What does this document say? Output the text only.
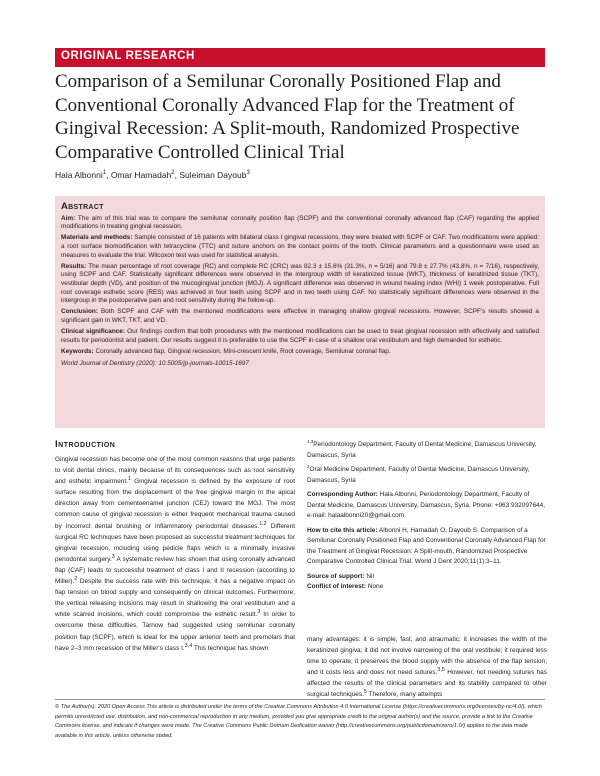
ORIGINAL RESEARCH
Comparison of a Semilunar Coronally Positioned Flap and Conventional Coronally Advanced Flap for the Treatment of Gingival Recession: A Split-mouth, Randomized Prospective Comparative Controlled Clinical Trial
Hala Albonni$^1$, Omar Hamadah$^2$, Suleiman Dayoub$^3$
Abstract

Aim: The aim of this trial was to compare the semilunar coronally position flap (SCPF) and the conventional coronally advanced flap (CAF) regarding the applied modifications in treating gingival recession.

Materials and methods: Sample consisted of 16 patients with bilateral class I gingival recessions, they were treated with SCPF or CAF. Two modifications were applied: a root surface biomodification with tetracycline (TTC) and suture anchors on the contact points of the tooth. Clinical parameters and a questionnaire were used as measures to evaluate the trial. Wilcoxon test was used for statistical analysis.

Results: The mean percentage of root coverage (RC) and complete RC (CRC) was 82.3 ± 15.6% (31.3%, n = 5/16) and 79.8 ± 27.7% (43.8%, n = 7/16), respectively, using SCPF and CAF. Statistically significant differences were observed in the intergroup width of keratinized tissue (WKT), thickness of keratinized tissue (TKT), vestibular depth (VD), and position of the mucogingival junction (MGJ). A significant difference was observed in wound healing index (WHI) 1 week postoperative. Full root coverage esthetic score (RES) was achieved in four teeth using SCPF and in two teeth using CAF. No statistically significant differences were observed in the intergroup in the postoperative pain and root sensitivity during the follow-up.

Conclusion: Both SCPF and CAF with the mentioned modifications were effective in managing shallow gingival recessions. However, SCPF's results showed a significant gain in WKT, TKT, and VD.

Clinical significance: Our findings confirm that both procedures with the mentioned modifications can be used to treat gingival recession with effectively and satisfied results for periodontist and patient. Our results suggest it is preferable to use the SCPF in case of a shallow oral vestibulum and high demanded for esthetic.

Keywords: Coronally advanced flap, Gingival recession, Mini-crescent knife, Root coverage, Semilunar coronal flap.

World Journal of Dentistry (2020): 10.5005/jp-journals-10015-1697

Introduction

Gingival recession has become one of the most common reasons that urge patients to visit dental clinics, mainly because of its consequences such as root sensitivity and esthetic impairment.$^1$ Gingival recession is defined by the exposure of root surface resulting from the displacement of the free gingival margin in the apical direction away from cementoenamel junction (CEJ) toward the MGJ. The most common cause of gingival recession is either frequent mechanical trauma caused by incorrect dental brushing or inflammatory periodontal diseases.$^{1,2}$ Different surgical RC techniques have been proposed as successful treatment techniques for gingival recession, including using pedicle flaps which is a minimally invasive periodontal surgery.$^3$ A systematic review has shown that using coronally advanced flap (CAF) leads to successful treatment of class I and II recession (according to Miller).$^2$ Despite the success rate with this technique, it has a negative impact on flap tension on blood supply and consequently on clinical outcomes. Furthermore, the vertical releasing incisions may result in shallowing the oral vestibulum and a white scarred incisions, which could compromise the esthetic result.$^3$ In order to overcome these difficulties, Tarnow had suggested using semilunar coronally position flap (SCPF), which is ideal for the upper anterior teeth and premolars that have 2–3 mm recession of the Miller's class I.$^{3,4}$ This technique has shown

$^{1,3}$Periodontology Department, Faculty of Dental Medicine, Damascus University, Damascus, Syria

$^2$Oral Medicine Department, Faculty of Dental Medicine, Damascus University, Damascus, Syria

Corresponding Author: Hala Albonni, Periodontology Department, Faculty of Dental Medicine, Damascus University, Damascus, Syria, Phone: +963 932097644, e-mail: halaalbonni20@gmail.com

How to cite this article: Albonni H, Hamadah O, Dayoub S. Comparison of a Semilunar Coronally Positioned Flap and Conventional Coronally Advanced Flap for the Treatment of Gingival Recession: A Split-mouth, Randomized Prospective Comparative Controlled Clinical Trial. World J Dent 2020;11(1):3–11.

Source of support: Nil

Conflict of interest: None

many advantages: it is simple, fast, and atraumatic; it increases the width of the keratinized gingiva; it did not involve narrowing of the oral vestibule; it required less time to operate; it preserves the blood supply with the absence of the flap tension; and it costs less and does not need sutures.$^{3,5}$ However, not needing sutures has affected the results of the clinical parameters and its stability compared to other surgical techniques.$^5$ Therefore, many attempts

© The Author(s). 2020 Open Access This article is distributed under the terms of the Creative Commons Attribution 4.0 International License (https://creativecommons.org/licenses/by-nc/4.0/), which permits unrestricted use, distribution, and non-commercial reproduction in any medium, provided you give appropriate credit to the original author(s) and the source, provide a link to the Creative Commons license, and indicate if changes were made. The Creative Commons Public Domain Dedication waiver (http://creativecommons.org/publicdomain/zero/1.0/) applies to the data made available in this article, unless otherwise stated.
